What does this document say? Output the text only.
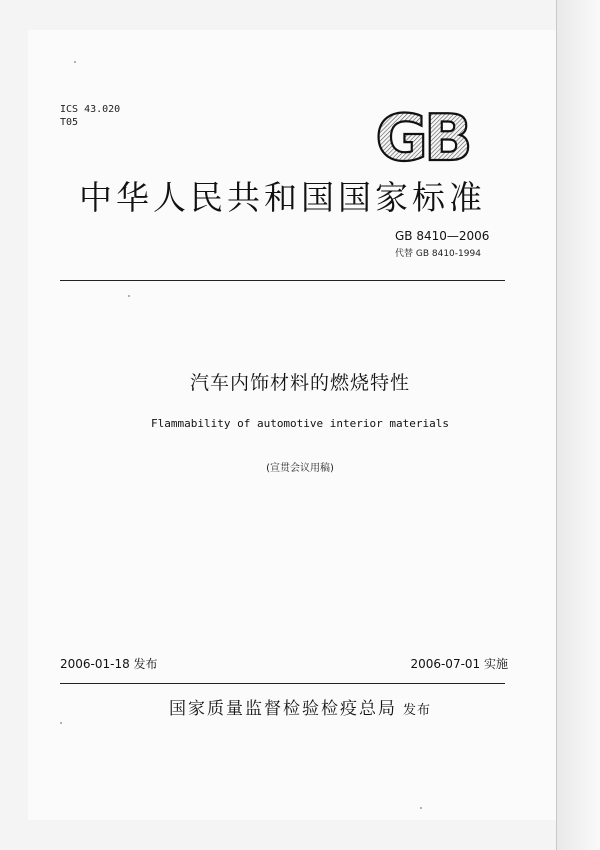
ICS 43.020
T05	GB
中华人民共和国国家标准
GB 8410—2006
代替 GB 8410-1994
汽车内饰材料的燃烧特性
Flammability of automotive interior materials
(宣贯会议用稿)
2006-01-18 发布	2006-07-01 实施
国家质量监督检验检疫总局 发布
